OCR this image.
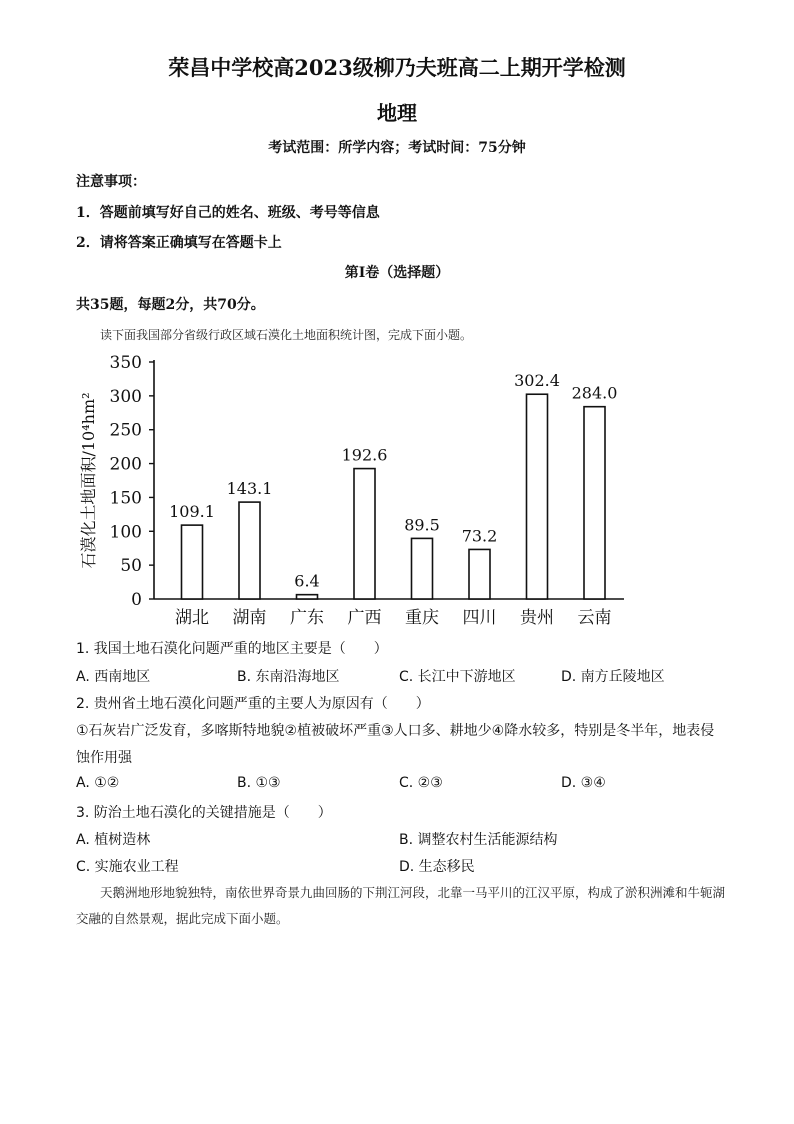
荣昌中学校高2023级柳乃夫班高二上期开学检测
地理
考试范围：所学内容；考试时间：75分钟
注意事项：
1．答题前填写好自己的姓名、班级、考号等信息
2．请将答案正确填写在答题卡上
第I卷（选择题）
共35题，每题2分，共70分。
读下面我国部分省级行政区域石漠化土地面积统计图，完成下面小题。
0
50
100
150
200
250
300
350
石漠化土地面积/10⁴hm²	109.1
湖北
143.1
湖南
6.4
广东
192.6
广西
89.5
重庆
73.2
四川
302.4
贵州
284.0
云南
1. 我国土地石漠化问题严重的地区主要是（　　）
A. 西南地区	B. 东南沿海地区	C. 长江中下游地区	D. 南方丘陵地区
2. 贵州省土地石漠化问题严重的主要人为原因有（　　）
①石灰岩广泛发育，多喀斯特地貌②植被破坏严重③人口多、耕地少④降水较多，特别是冬半年，地表侵
蚀作用强
A. ①②	B. ①③	C. ②③	D. ③④
3. 防治土地石漠化的关键措施是（　　）
A. 植树造林	B. 调整农村生活能源结构
C. 实施农业工程	D. 生态移民
天鹅洲地形地貌独特，南依世界奇景九曲回肠的下荆江河段，北靠一马平川的江汉平原，构成了淤积洲滩和牛轭湖交融的自然景观，据此完成下面小题。
